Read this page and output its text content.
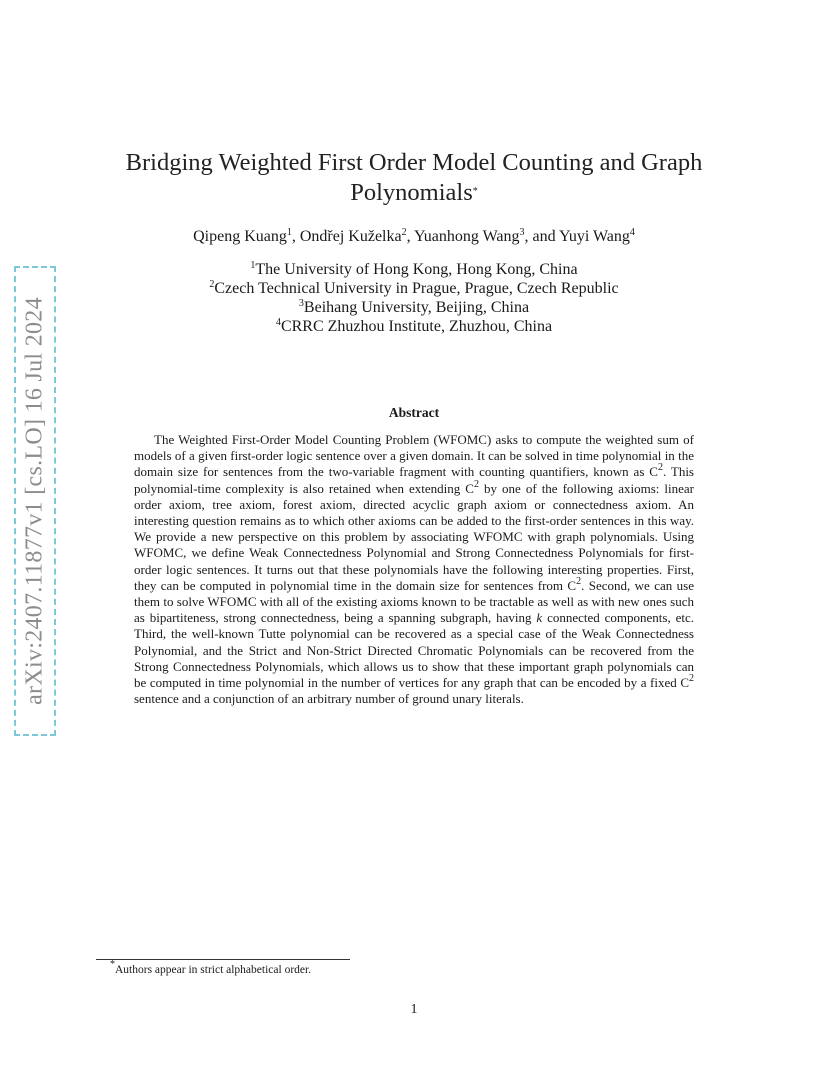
arXiv:2407.11877v1 [cs.LO] 16 Jul 2024
Bridging Weighted First Order Model Counting and Graph
Polynomials*
Qipeng Kuang$^1$, Ondřej Kuželka$^2$, Yuanhong Wang$^3$, and Yuyi Wang$^4$
$^1$The University of Hong Kong, Hong Kong, China
$^2$Czech Technical University in Prague, Prague, Czech Republic
$^3$Beihang University, Beijing, China
$^4$CRRC Zhuzhou Institute, Zhuzhou, China
Abstract
The Weighted First-Order Model Counting Problem (WFOMC) asks to compute the weighted sum of models of a given first-order logic sentence over a given domain. It can be solved in time polynomial in the domain size for sentences from the two-variable fragment with counting quantifiers, known as $C^2$. This polynomial-time complexity is also retained when extending $C^2$ by one of the following axioms: linear order axiom, tree axiom, forest axiom, directed acyclic graph axiom or connectedness axiom. An interesting question remains as to which other axioms can be added to the first-order sentences in this way. We provide a new perspective on this problem by associating WFOMC with graph polynomials. Using WFOMC, we define Weak Connectedness Polynomial and Strong Connectedness Polynomials for first-order logic sentences. It turns out that these polynomials have the following interesting properties. First, they can be computed in polynomial time in the domain size for sentences from $C^2$. Second, we can use them to solve WFOMC with all of the existing axioms known to be tractable as well as with new ones such as bipartiteness, strong connectedness, being a spanning subgraph, having k connected components, etc. Third, the well-known Tutte polynomial can be recovered as a special case of the Weak Connectedness Polynomial, and the Strict and Non-Strict Directed Chromatic Polynomials can be recovered from the Strong Connectedness Polynomials, which allows us to show that these important graph polynomials can be computed in time polynomial in the number of vertices for any graph that can be encoded by a fixed $C^2$ sentence and a conjunction of an arbitrary number of ground unary literals.
*Authors appear in strict alphabetical order.
1
